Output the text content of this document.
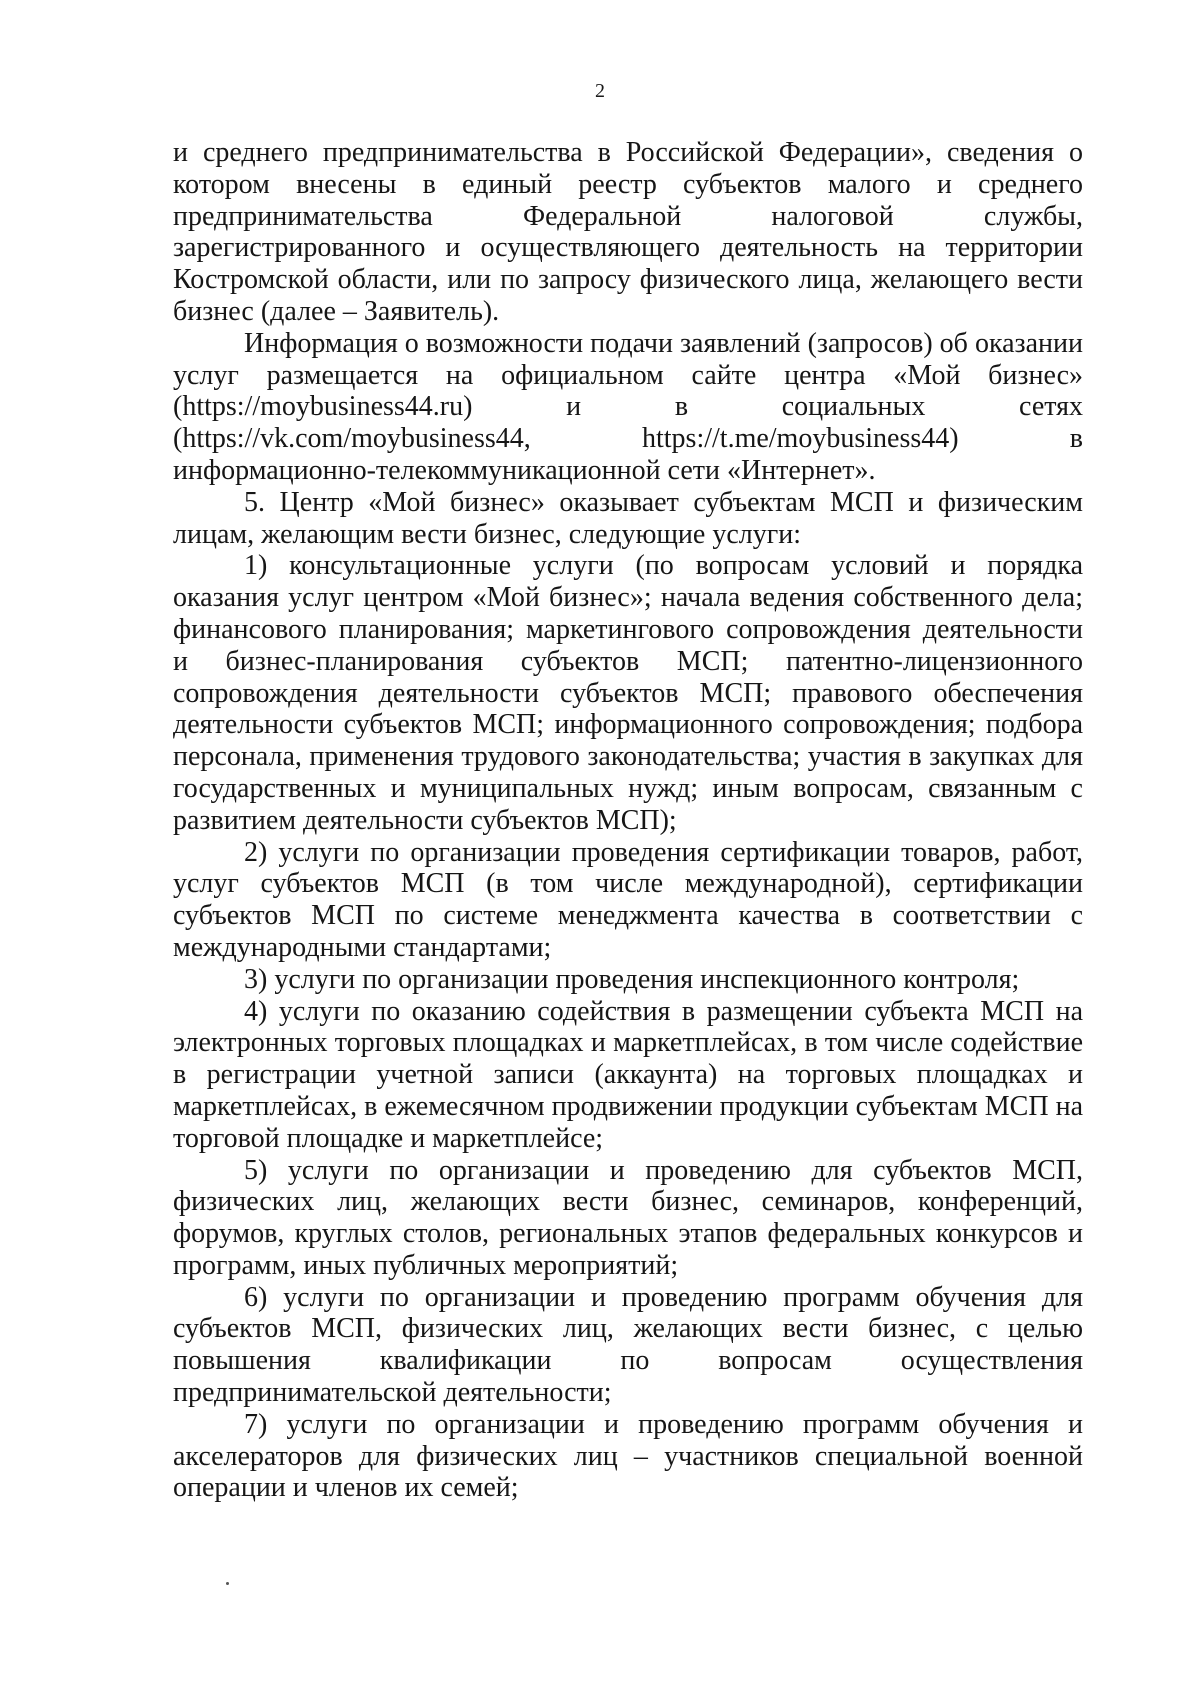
2

и среднего предпринимательства в Российской Федерации», сведения о котором внесены в единый реестр субъектов малого и среднего предпринимательства Федеральной налоговой службы, зарегистрированного и осуществляющего деятельность на территории Костромской области, или по запросу физического лица, желающего вести бизнес (далее – Заявитель).

Информация о возможности подачи заявлений (запросов) об оказании услуг размещается на официальном сайте центра «Мой бизнес» (https://moybusiness44.ru) и в социальных сетях (https://vk.com/moybusiness44, https://t.me/moybusiness44) в информационно-телекоммуникационной сети «Интернет».

5. Центр «Мой бизнес» оказывает субъектам МСП и физическим лицам, желающим вести бизнес, следующие услуги:

1) консультационные услуги (по вопросам условий и порядка оказания услуг центром «Мой бизнес»; начала ведения собственного дела; финансового планирования; маркетингового сопровождения деятельности и бизнес-планирования субъектов МСП; патентно-лицензионного сопровождения деятельности субъектов МСП; правового обеспечения деятельности субъектов МСП; информационного сопровождения; подбора персонала, применения трудового законодательства; участия в закупках для государственных и муниципальных нужд; иным вопросам, связанным с развитием деятельности субъектов МСП);

2) услуги по организации проведения сертификации товаров, работ, услуг субъектов МСП (в том числе международной), сертификации субъектов МСП по системе менеджмента качества в соответствии с международными стандартами;

3) услуги по организации проведения инспекционного контроля;

4) услуги по оказанию содействия в размещении субъекта МСП на электронных торговых площадках и маркетплейсах, в том числе содействие в регистрации учетной записи (аккаунта) на торговых площадках и маркетплейсах, в ежемесячном продвижении продукции субъектам МСП на торговой площадке и маркетплейсе;

5) услуги по организации и проведению для субъектов МСП, физических лиц, желающих вести бизнес, семинаров, конференций, форумов, круглых столов, региональных этапов федеральных конкурсов и программ, иных публичных мероприятий;

6) услуги по организации и проведению программ обучения для субъектов МСП, физических лиц, желающих вести бизнес, с целью повышения квалификации по вопросам осуществления предпринимательской деятельности;

7) услуги по организации и проведению программ обучения и акселераторов для физических лиц – участников специальной военной операции и членов их семей;
